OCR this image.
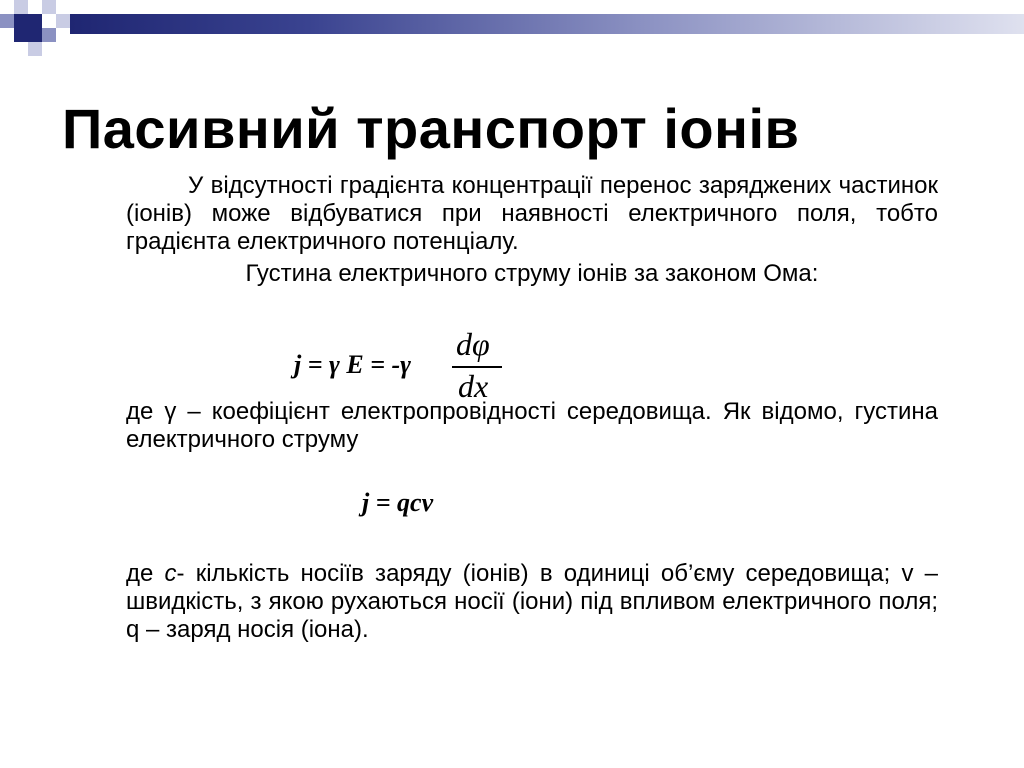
Пасивний транспорт іонів
У відсутності градієнта концентрації перенос заряджених частинок (іонів) може відбуватися при наявності електричного поля, тобто градієнта електричного потенціалу.
Густина електричного струму іонів за законом Ома:
j = γ E = -γ
dφ
dx
де γ – коефіцієнт електропровідності середовища. Як відомо, густина електричного струму
j = qcv
де с- кількість носіїв заряду (іонів) в одиниці об’єму середовища; v – швидкість, з якою рухаються носії (іони) під впливом електричного поля; q – заряд носія (іона).
